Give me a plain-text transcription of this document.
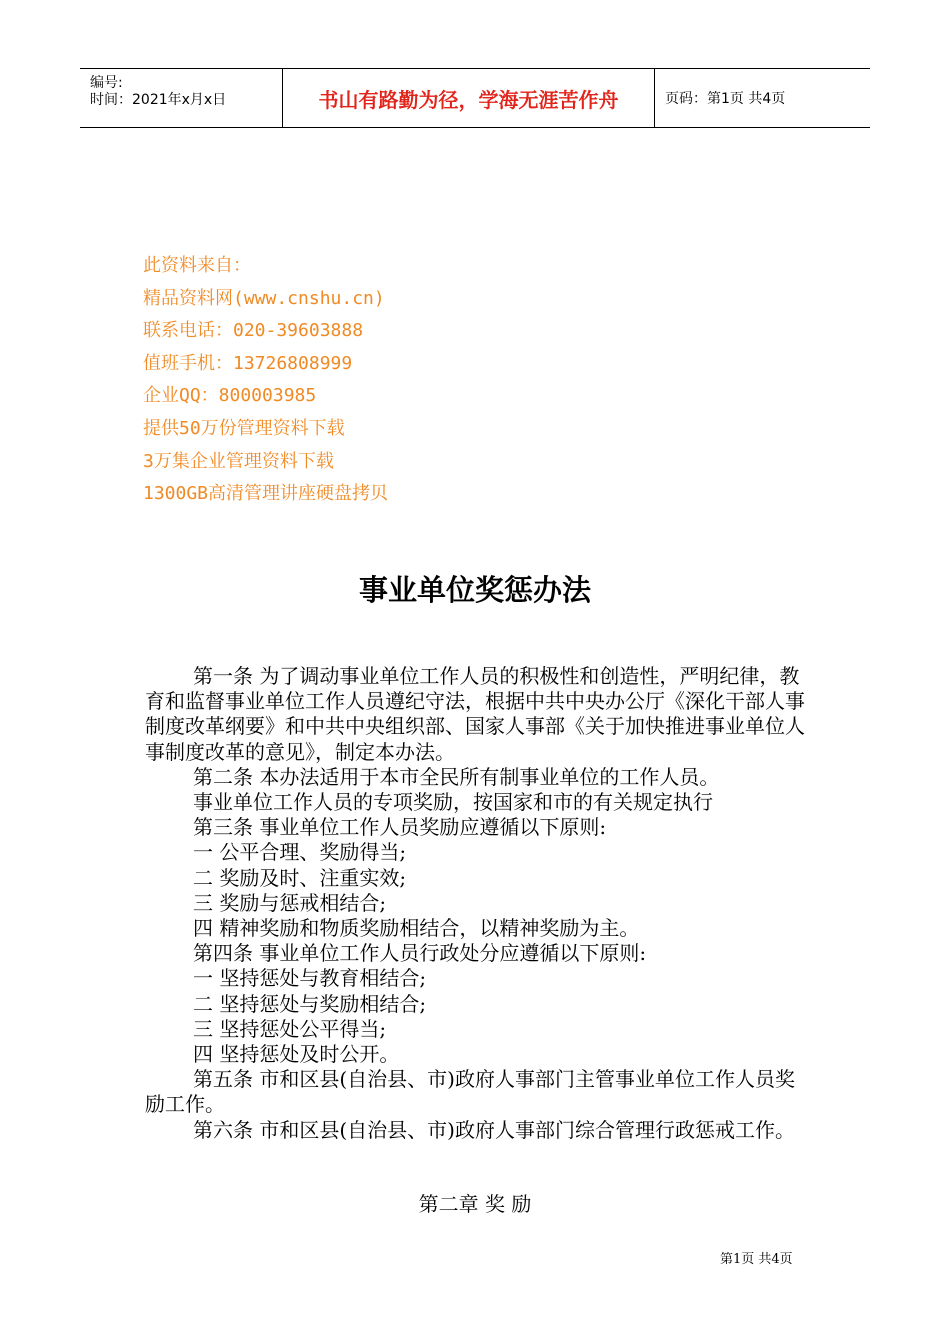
编号:
时间：2021年x月x日	书山有路勤为径，学海无涯苦作舟	页码：第1页 共4页
此资料来自：
精品资料网(www.cnshu.cn)
联系电话：020-39603888
值班手机：13726808999
企业QQ：800003985
提供50万份管理资料下载
3万集企业管理资料下载
1300GB高清管理讲座硬盘拷贝
事业单位奖惩办法

第一条 为了调动事业单位工作人员的积极性和创造性，严明纪律，教育和监督事业单位工作人员遵纪守法，根据中共中央办公厅《深化干部人事制度改革纲要》和中共中央组织部、国家人事部《关于加快推进事业单位人事制度改革的意见》，制定本办法。

第二条 本办法适用于本市全民所有制事业单位的工作人员。

事业单位工作人员的专项奖励，按国家和市的有关规定执行

第三条 事业单位工作人员奖励应遵循以下原则:

一 公平合理、奖励得当;

二 奖励及时、注重实效;

三 奖励与惩戒相结合;

四 精神奖励和物质奖励相结合，以精神奖励为主。

第四条 事业单位工作人员行政处分应遵循以下原则:

一 坚持惩处与教育相结合;

二 坚持惩处与奖励相结合;

三 坚持惩处公平得当;

四 坚持惩处及时公开。

第五条 市和区县(自治县、市)政府人事部门主管事业单位工作人员奖励工作。

第六条 市和区县(自治县、市)政府人事部门综合管理行政惩戒工作。

第二章 奖 励
第1页 共4页
